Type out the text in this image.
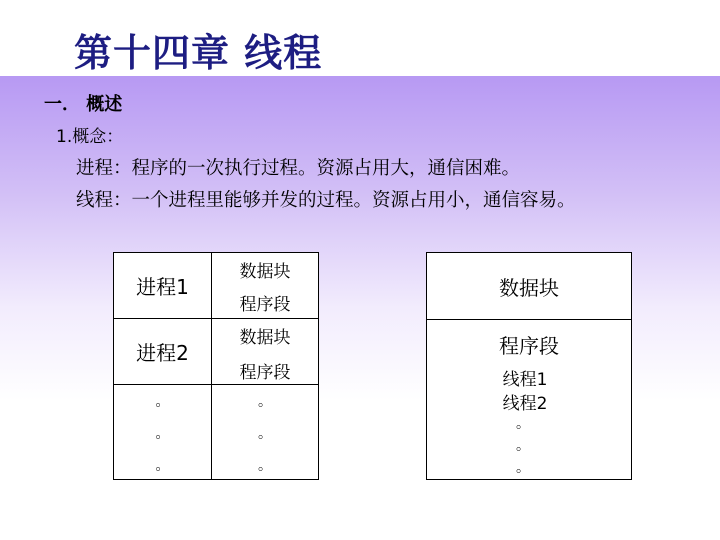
第十四章 线程
一． 概述
1.概念：
进程：程序的一次执行过程。资源占用大，通信困难。
线程：一个进程里能够并发的过程。资源占用小，通信容易。
进程1
进程2
数据块
程序段
数据块
程序段
。
。
。
。
。
。
数据块
程序段
线程1
线程2
。
。
。
